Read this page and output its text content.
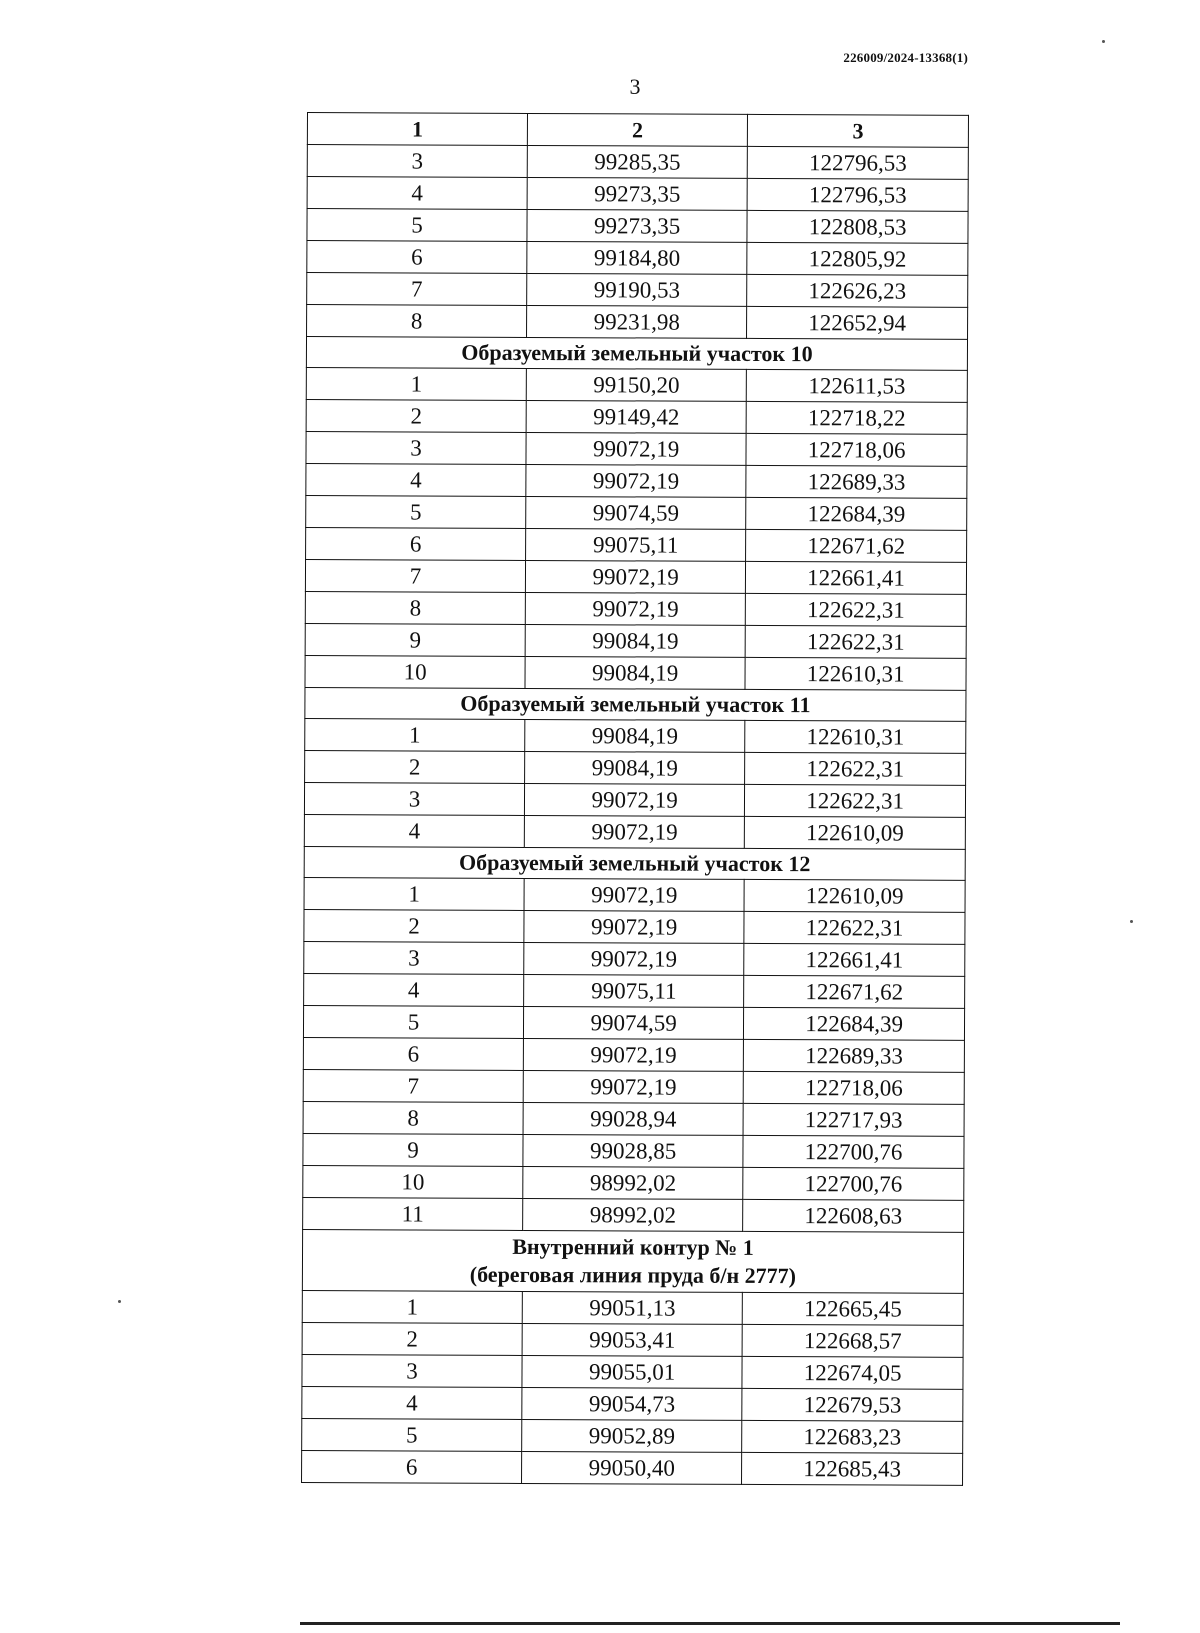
226009/2024-13368(1)
3
1	2	3
3	99285,35	122796,53
4	99273,35	122796,53
5	99273,35	122808,53
6	99184,80	122805,92
7	99190,53	122626,23
8	99231,98	122652,94

Образуемый земельный участок 10		

1	99150,20	122611,53
2	99149,42	122718,22
3	99072,19	122718,06
4	99072,19	122689,33
5	99074,59	122684,39
6	99075,11	122671,62
7	99072,19	122661,41
8	99072,19	122622,31
9	99084,19	122622,31
10	99084,19	122610,31

Образуемый земельный участок 11		

1	99084,19	122610,31
2	99084,19	122622,31
3	99072,19	122622,31
4	99072,19	122610,09

Образуемый земельный участок 12		

1	99072,19	122610,09
2	99072,19	122622,31
3	99072,19	122661,41
4	99075,11	122671,62
5	99074,59	122684,39
6	99072,19	122689,33
7	99072,19	122718,06
8	99028,94	122717,93
9	99028,85	122700,76
10	98992,02	122700,76
11	98992,02	122608,63

Внутренний контур № 1
(береговая линия пруда б/н 2777)		

1	99051,13	122665,45
2	99053,41	122668,57
3	99055,01	122674,05
4	99054,73	122679,53
5	99052,89	122683,23
6	99050,40	122685,43
